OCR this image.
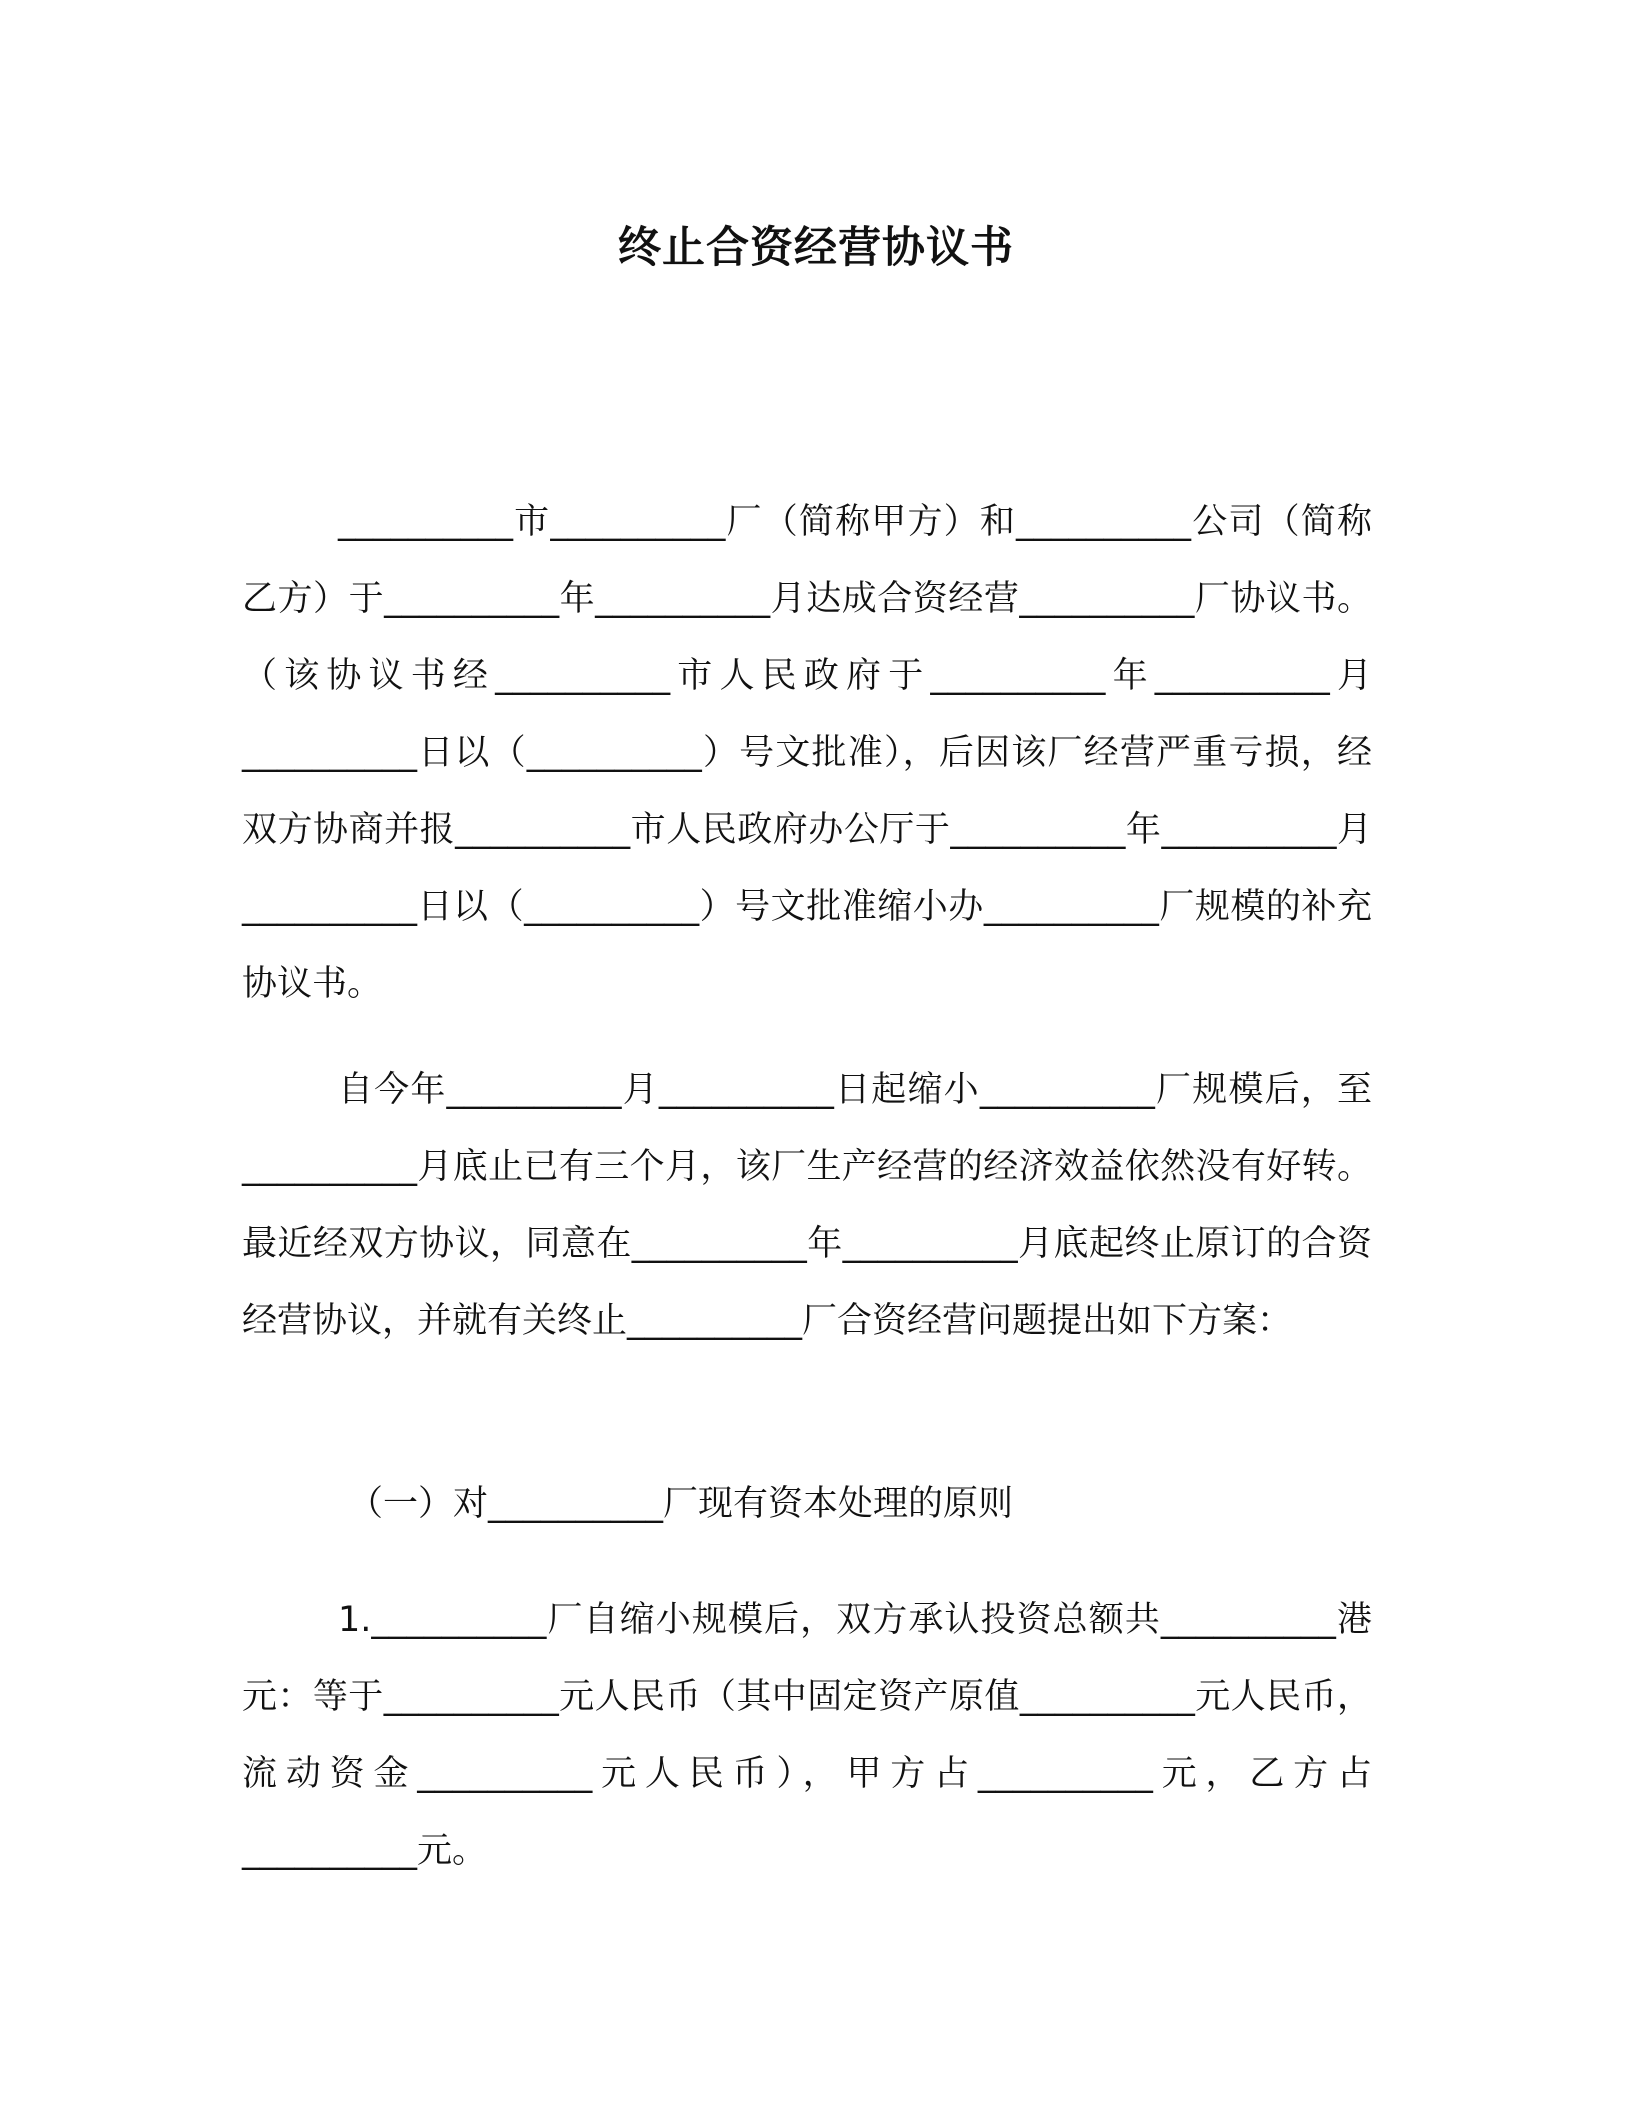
终止合资经营协议书

__________市__________厂（简称甲方）和__________公司（简称乙方）于__________年__________月达成合资经营__________厂协议书。（该协议书经__________市人民政府于__________年__________月__________日以（__________）号文批准），后因该厂经营严重亏损，经双方协商并报__________市人民政府办公厅于__________年__________月__________日以（__________）号文批准缩小办__________厂规模的补充协议书。

自今年__________月__________日起缩小__________厂规模后，至__________月底止已有三个月，该厂生产经营的经济效益依然没有好转。最近经双方协议，同意在__________年__________月底起终止原订的合资经营协议，并就有关终止__________厂合资经营问题提出如下方案：

（一）对__________厂现有资本处理的原则

1.__________厂自缩小规模后，双方承认投资总额共__________港元：等于__________元人民币（其中固定资产原值__________元人民币，流动资金__________元人民币），甲方占__________元，乙方占__________元。
